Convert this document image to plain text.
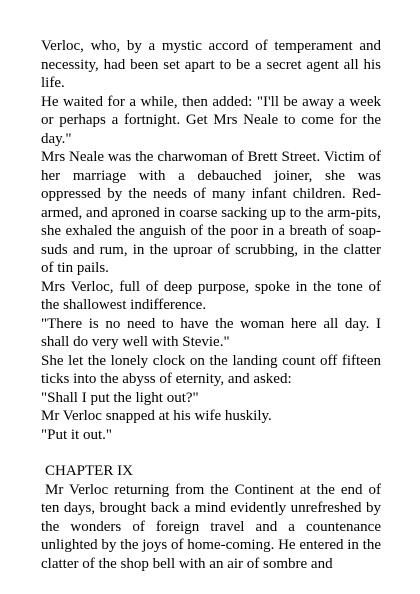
Verloc, who, by a mystic accord of temperament and necessity, had been set apart to be a secret agent all his life.

He waited for a while, then added: "I'll be away a week or perhaps a fortnight. Get Mrs Neale to come for the day."

Mrs Neale was the charwoman of Brett Street. Victim of her marriage with a debauched joiner, she was oppressed by the needs of many infant children. Red-armed, and aproned in coarse sacking up to the arm-pits, she exhaled the anguish of the poor in a breath of soap-suds and rum, in the uproar of scrubbing, in the clatter of tin pails.

Mrs Verloc, full of deep purpose, spoke in the tone of the shallowest indifference.

"There is no need to have the woman here all day. I shall do very well with Stevie."

She let the lonely clock on the landing count off fifteen ticks into the abyss of eternity, and asked:

"Shall I put the light out?"

Mr Verloc snapped at his wife huskily.

"Put it out."

CHAPTER IX

Mr Verloc returning from the Continent at the end of ten days, brought back a mind evidently unrefreshed by the wonders of foreign travel and a countenance unlighted by the joys of home-coming. He entered in the clatter of the shop bell with an air of sombre and
